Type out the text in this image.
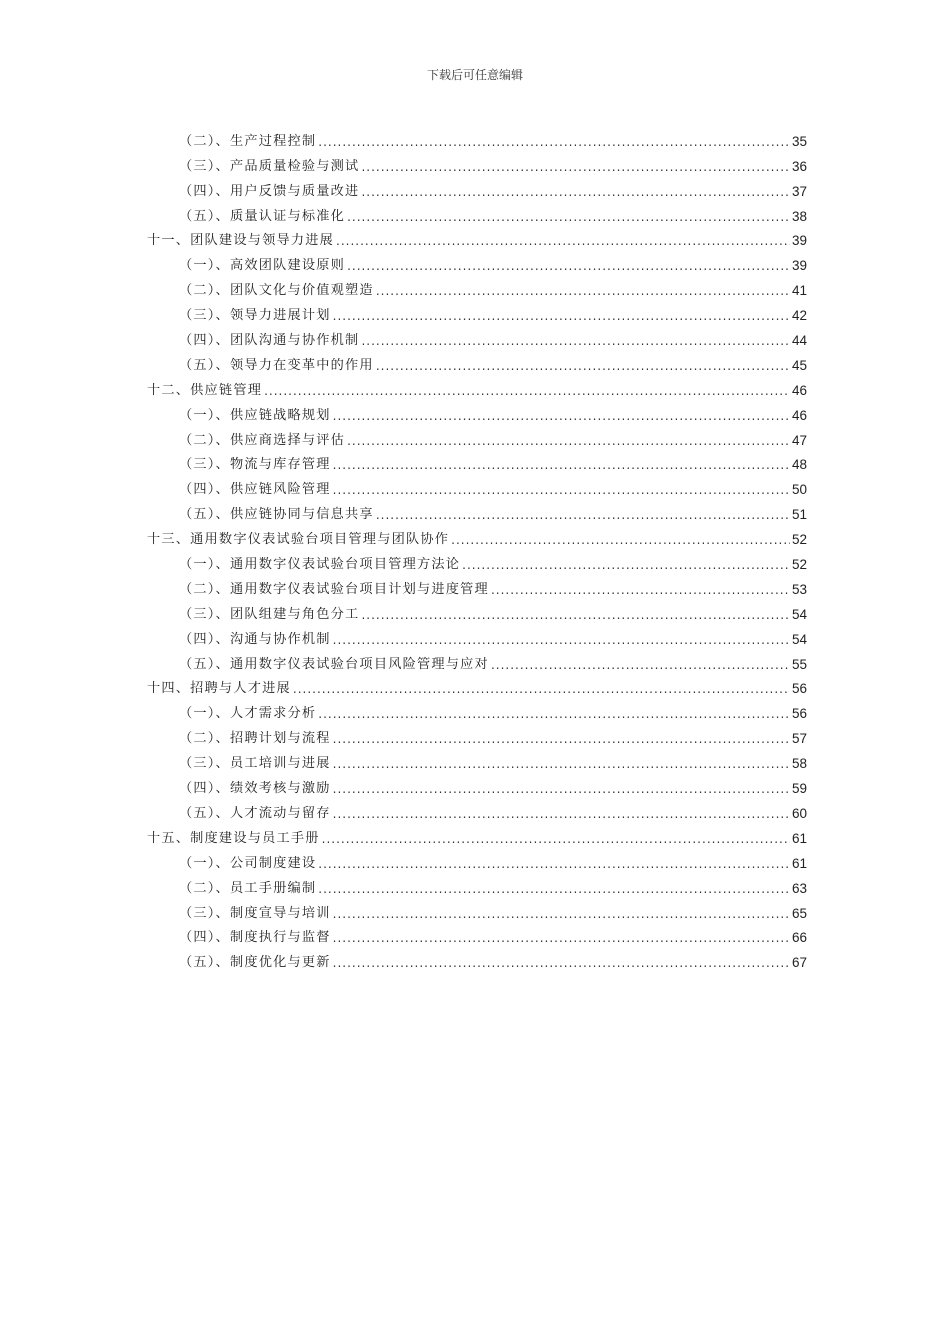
下载后可任意编辑
（二）、生产过程控制 .....	35
（三）、产品质量检验与测试 .....	36
（四）、用户反馈与质量改进 .....	37
（五）、质量认证与标准化 .....	38
十一、团队建设与领导力进展 .....	39
（一）、高效团队建设原则 .....	39
（二）、团队文化与价值观塑造 .....	41
（三）、领导力进展计划 .....	42
（四）、团队沟通与协作机制 .....	44
（五）、领导力在变革中的作用 .....	45
十二、供应链管理 .....	46
（一）、供应链战略规划 .....	46
（二）、供应商选择与评估 .....	47
（三）、物流与库存管理 .....	48
（四）、供应链风险管理 .....	50
（五）、供应链协同与信息共享 .....	51
十三、通用数字仪表试验台项目管理与团队协作 .....	52
（一）、通用数字仪表试验台项目管理方法论 .....	52
（二）、通用数字仪表试验台项目计划与进度管理 .....	53
（三）、团队组建与角色分工 .....	54
（四）、沟通与协作机制 .....	54
（五）、通用数字仪表试验台项目风险管理与应对 .....	55
十四、招聘与人才进展 .....	56
（一）、人才需求分析 .....	56
（二）、招聘计划与流程 .....	57
（三）、员工培训与进展 .....	58
（四）、绩效考核与激励 .....	59
（五）、人才流动与留存 .....	60
十五、制度建设与员工手册 .....	61
（一）、公司制度建设 .....	61
（二）、员工手册编制 .....	63
（三）、制度宣导与培训 .....	65
（四）、制度执行与监督 .....	66
（五）、制度优化与更新 .....	67
